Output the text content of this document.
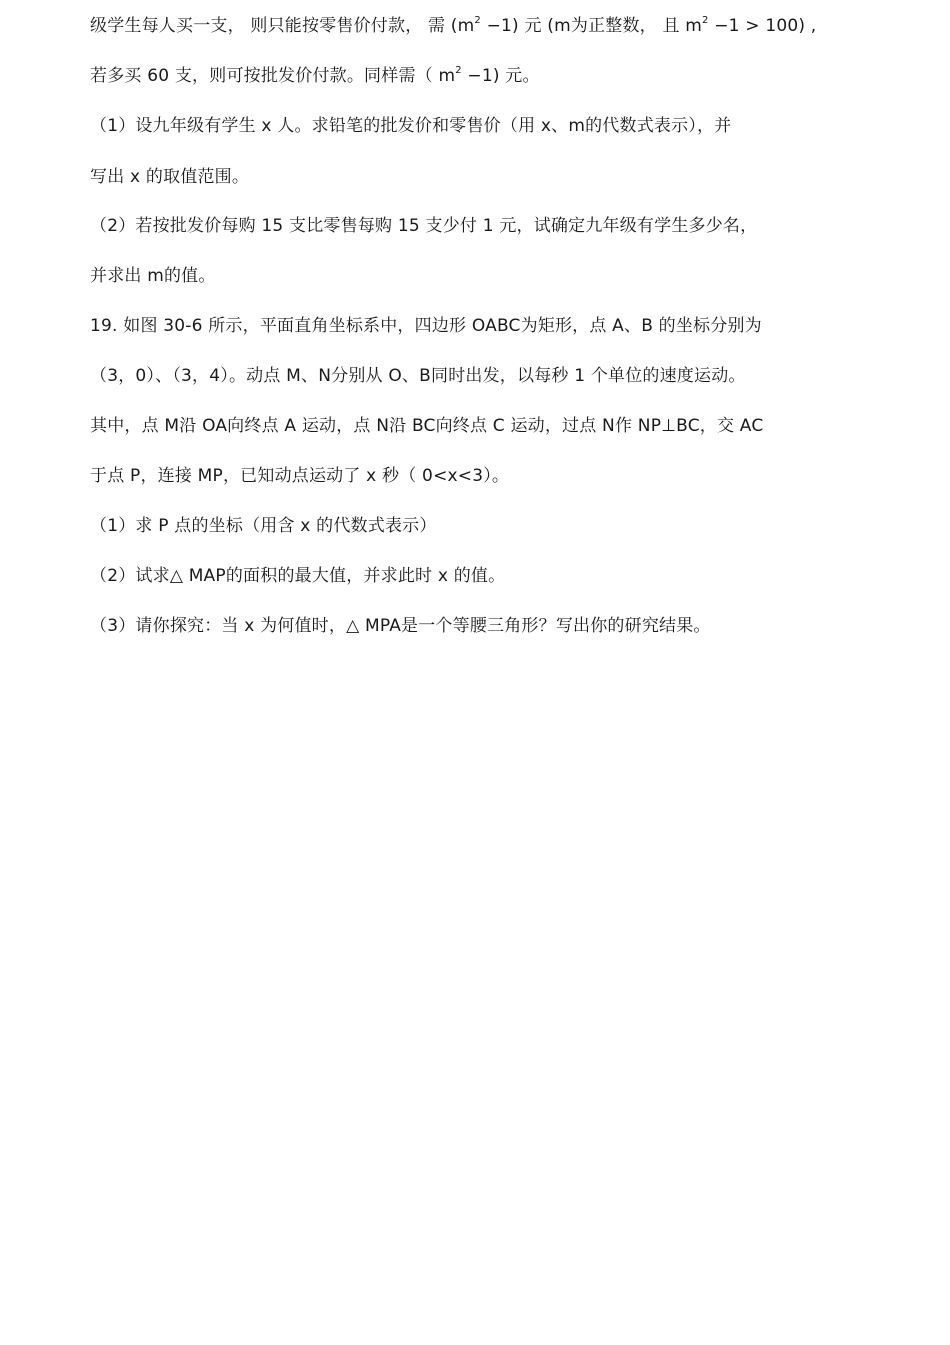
级学生每人买一支， 则只能按零售价付款， 需 $(m^2 -1)$ 元 (m为正整数， 且 $m^2 -1 > 100$) ,
若多买 60 支，则可按批发价付款。同样需（ $m^2 -1$) 元。
（1）设九年级有学生 x 人。求铅笔的批发价和零售价（用 x、m的代数式表示），并
写出 x 的取值范围。
（2）若按批发价每购 15 支比零售每购 15 支少付 1 元，试确定九年级有学生多少名，
并求出 m的值。
19. 如图 30-6 所示，平面直角坐标系中，四边形 OABC为矩形，点 A、B 的坐标分别为
（3，0）、（3，4）。动点 M、N分别从 O、B同时出发，以每秒 1 个单位的速度运动。
其中，点 M沿 OA向终点 A 运动，点 N沿 BC向终点 C 运动，过点 N作 NP⊥BC，交 AC
于点 P，连接 MP，已知动点运动了 x 秒（ 0<x<3）。
（1）求 P 点的坐标（用含 x 的代数式表示）
（2）试求△ MAP的面积的最大值，并求此时 x 的值。
（3）请你探究：当 x 为何值时，△ MPA是一个等腰三角形？写出你的研究结果。
